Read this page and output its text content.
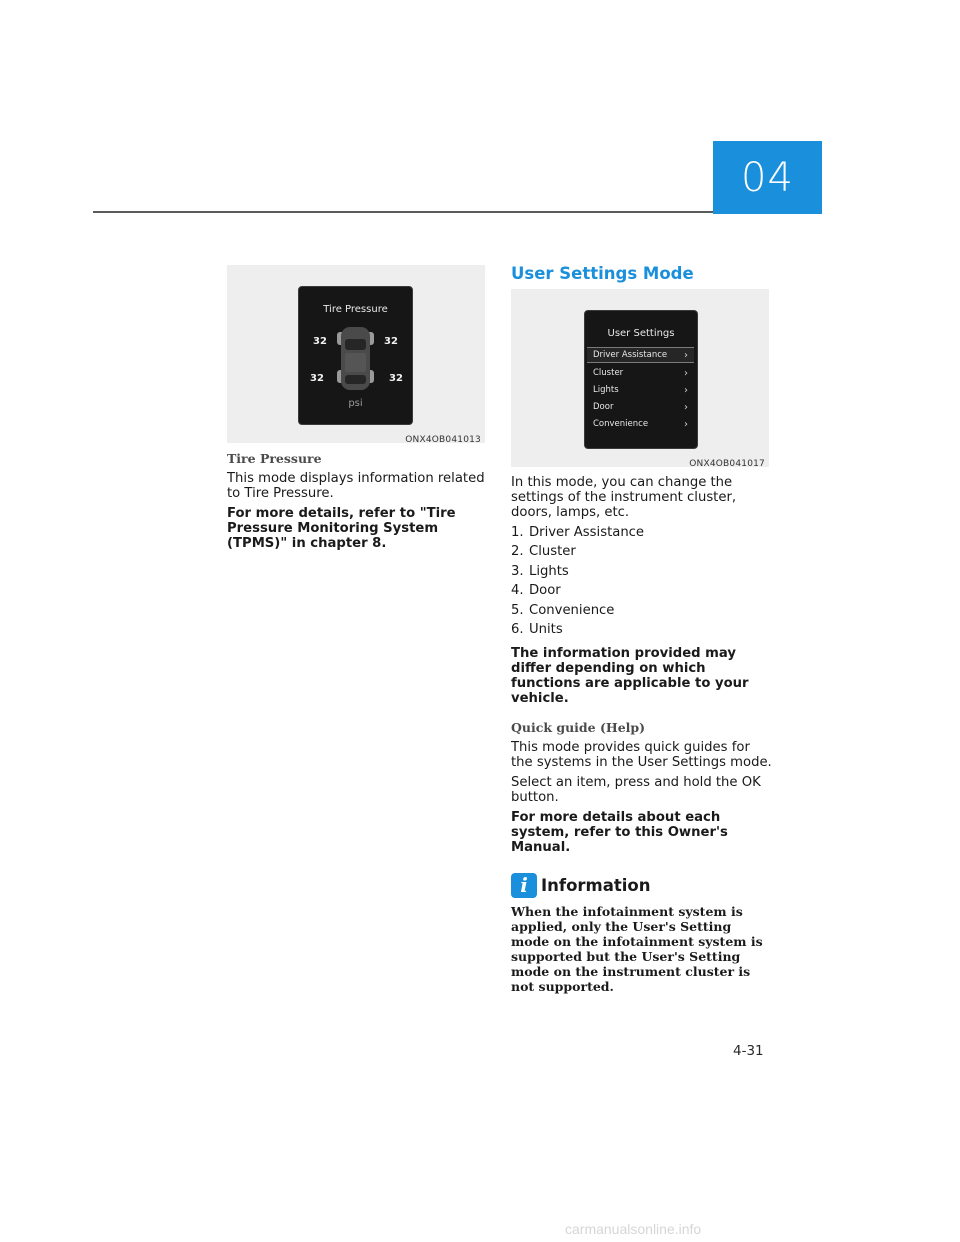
04
Tire Pressure
32	32
32	32
psi
ONX4OB041013
Tire Pressure
This mode displays information related to Tire Pressure.
For more details, refer to "Tire Pressure Monitoring System (TPMS)" in chapter 8.
User Settings Mode
User Settings
Driver Assistance ›
Cluster	›
Lights	›
Door	›
Convenience	›
ONX4OB041017
In this mode, you can change the settings of the instrument cluster, doors, lamps, etc.
1. Driver Assistance
2. Cluster
3. Lights
4. Door
5. Convenience
6. Units
The information provided may differ depending on which functions are applicable to your vehicle.
Quick guide (Help)
This mode provides quick guides for the systems in the User Settings mode.
Select an item, press and hold the OK button.
For more details about each system, refer to this Owner's Manual.
i Information
When the infotainment system is applied, only the User's Setting mode on the infotainment system is supported but the User's Setting mode on the instrument cluster is not supported.
4-31
carmanualsonline.info
